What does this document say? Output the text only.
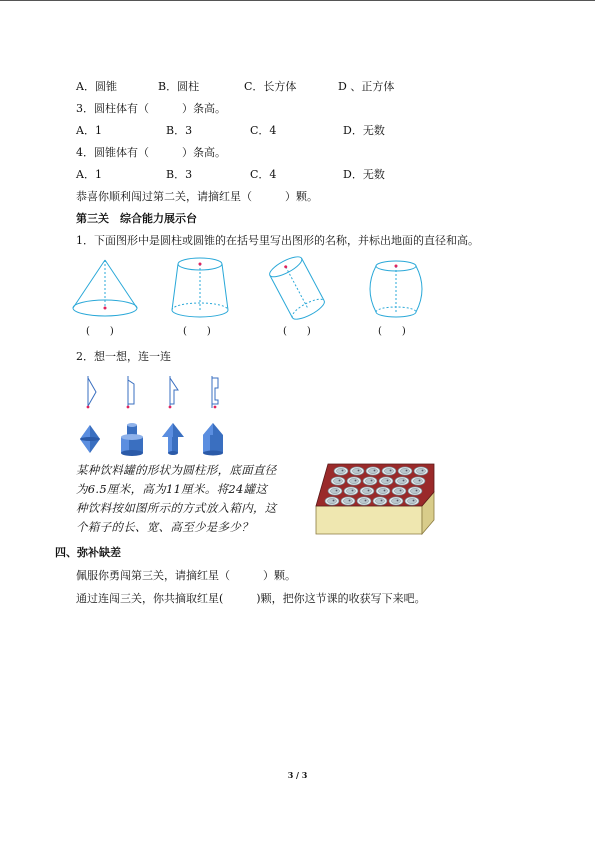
A．圆锥	B．圆柱	C．长方体	D 、正方体
3．圆柱体有（　　　）条高。
A．1	B．3	C．4	D．无数
4．圆锥体有（　　　）条高。
A．1	B．3	C．4	D．无数
恭喜你顺利闯过第二关，请摘红星（　　　）颗。
第三关　综合能力展示台
1．下面图形中是圆柱或圆锥的在括号里写出图形的名称，并标出地面的直径和高。
(　　)	(　　)	(　　)	(　　)
2．想一想，连一连
某种饮料罐的形状为圆柱形，底面直径
为6.5厘米，高为11厘米。将24罐这
种饮料按如图所示的方式放入箱内，这
个箱子的长、宽、高至少是多少？
四、弥补缺差
佩服你勇闯第三关，请摘红星（　　　）颗。
通过连闯三关，你共摘取红星(　　　)颗，把你这节课的收获写下来吧。
3 / 3
